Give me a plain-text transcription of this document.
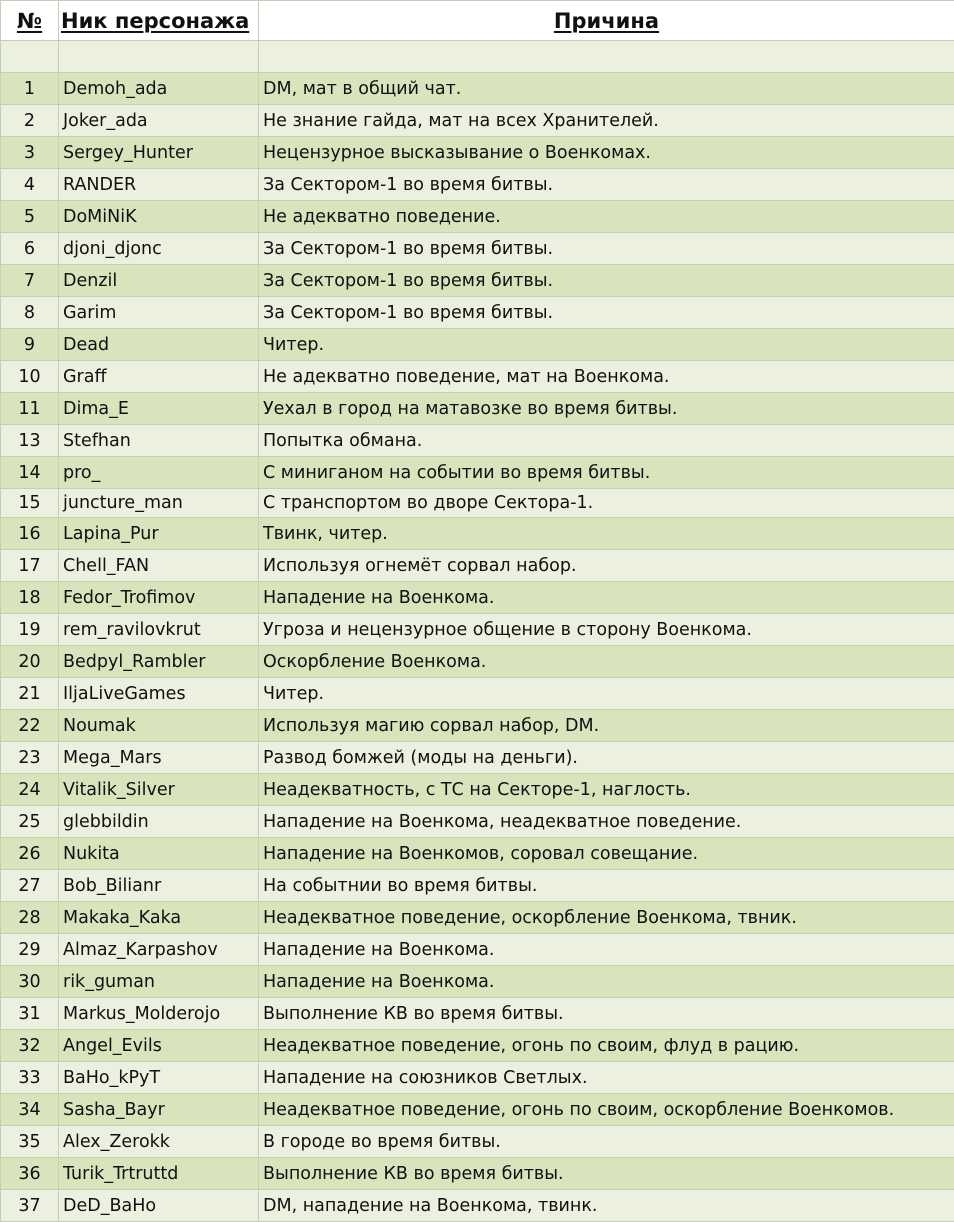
№	Ник персонажа	Причина

1	Demoh_ada	DM, мат в общий чат.
2	Joker_ada	Не знание гайда, мат на всех Хранителей.
3	Sergey_Hunter	Нецензурное высказывание о Военкомах.
4	RANDER	За Сектором-1 во время битвы.
5	DoMiNiK	Не адекватно поведение.
6	djoni_djonc	За Сектором-1 во время битвы.
7	Denzil	За Сектором-1 во время битвы.
8	Garim	За Сектором-1 во время битвы.
9	Dead	Читер.
10	Graff	Не адекватно поведение, мат на Военкома.
11	Dima_E	Уехал в город на матавозке во время битвы.
13	Stefhan	Попытка обмана.
14	pro_	С миниганом на событии во время битвы.
15	juncture_man	С транспортом во дворе Сектора-1.
16	Lapina_Pur	Твинк, читер.
17	Chell_FAN	Используя огнемёт сорвал набор.
18	Fedor_Trofimov	Нападение на Военкома.
19	rem_ravilovkrut	Угроза и нецензурное общение в сторону Военкома.
20	Bedpyl_Rambler	Оскорбление Военкома.
21	IljaLiveGames	Читер.
22	Noumak	Используя магию сорвал набор, DM.
23	Mega_Mars	Развод бомжей (моды на деньги).
24	Vitalik_Silver	Неадекватность, с ТС на Секторе-1, наглость.
25	glebbildin	Нападение на Военкома, неадекватное поведение.
26	Nukita	Нападение на Военкомов, соровал совещание.
27	Bob_Bilianr	На событнии во время битвы.
28	Makaka_Kaka	Неадекватное поведение, оскорбление Военкома, твник.
29	Almaz_Karpashov	Нападение на Военкома.
30	rik_guman	Нападение на Военкома.
31	Markus_Molderojo	Выполнение КВ во время битвы.
32	Angel_Evils	Неадекватное поведение, огонь по своим, флуд в рацию.
33	BaHo_kPyT	Нападение на союзников Светлых.
34	Sasha_Bayr	Неадекватное поведение, огонь по своим, оскорбление Военкомов.
35	Alex_Zerokk	В городе во время битвы.
36	Turik_Trtruttd	Выполнение КВ во время битвы.
37	DeD_BaHo	DM, нападение на Военкома, твинк.
